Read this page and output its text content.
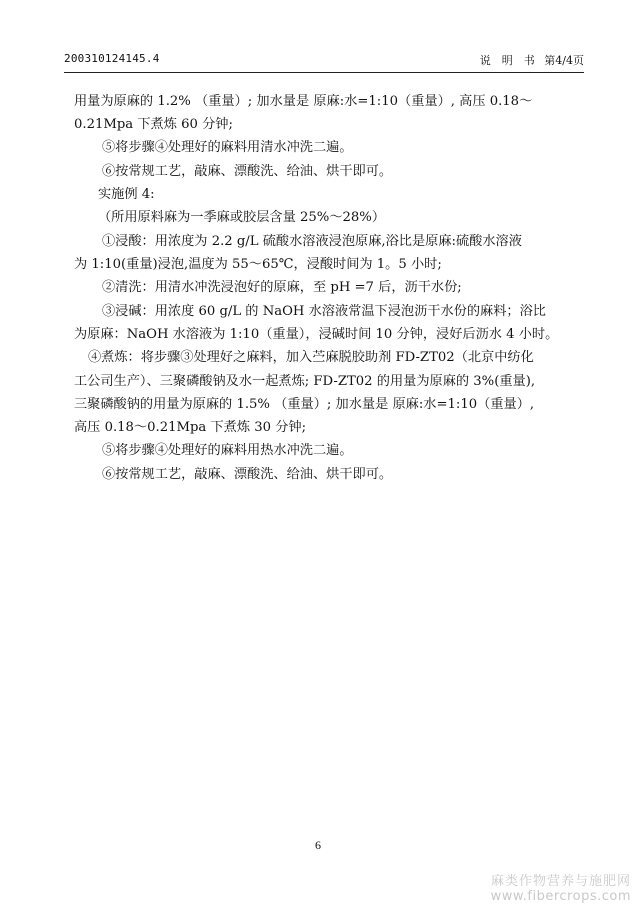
200310124145.4	说　明　书 第4/4页
用量为原麻的 1.2% （重量）; 加水量是 原麻:水=1:10（重量）, 高压 0.18～
0.21Mpa 下煮炼 60 分钟;
⑤将步骤④处理好的麻料用清水冲洗二遍。
⑥按常规工艺，敲麻、漂酸洗、给油、烘干即可。
实施例 4:
（所用原料麻为一季麻或胶层含量 25%～28%）
①浸酸：用浓度为 2.2 g/L 硫酸水溶液浸泡原麻,浴比是原麻:硫酸水溶液
为 1:10(重量)浸泡,温度为 55～65℃，浸酸时间为 1。5 小时;
②清洗：用清水冲洗浸泡好的原麻，至 pH =7 后，沥干水份;
③浸碱：用浓度 60 g/L 的 NaOH 水溶液常温下浸泡沥干水份的麻料；浴比
为原麻：NaOH 水溶液为 1:10（重量），浸碱时间 10 分钟，浸好后沥水 4 小时。
④煮炼：将步骤③处理好之麻料，加入苎麻脱胶助剂 FD-ZT02（北京中纺化
工公司生产）、三聚磷酸钠及水一起煮炼; FD-ZT02 的用量为原麻的 3%(重量),
三聚磷酸钠的用量为原麻的 1.5% （重量）; 加水量是 原麻:水=1:10（重量）,
高压 0.18～0.21Mpa 下煮炼 30 分钟;
⑤将步骤④处理好的麻料用热水冲洗二遍。
⑥按常规工艺，敲麻、漂酸洗、给油、烘干即可。
6
麻类作物营养与施肥网
www.fibercrops.com
